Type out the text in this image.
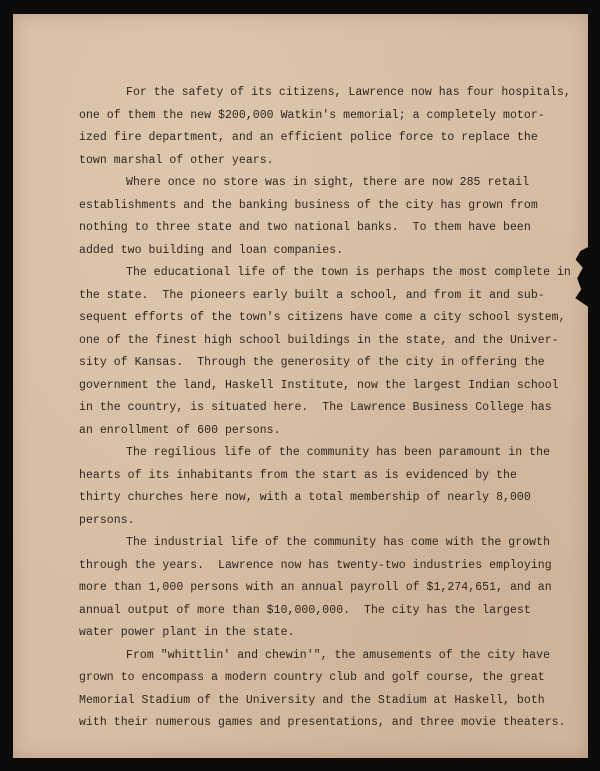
For the safety of its citizens, Lawrence now has four hospitals,
one of them the new $200,000 Watkin's memorial; a completely motor-
ized fire department, and an efficient police force to replace the
town marshal of other years.
Where once no store was in sight, there are now 285 retail
establishments and the banking business of the city has grown from
nothing to three state and two national banks.  To them have been
added two building and loan companies.
The educational life of the town is perhaps the most complete in
the state.  The pioneers early built a school, and from it and sub-
sequent efforts of the town's citizens have come a city school system,
one of the finest high school buildings in the state, and the Univer-
sity of Kansas.  Through the generosity of the city in offering the
government the land, Haskell Institute, now the largest Indian school
in the country, is situated here.  The Lawrence Business College has
an enrollment of 600 persons.
The regilious life of the community has been paramount in the
hearts of its inhabitants from the start as is evidenced by the
thirty churches here now, with a total membership of nearly 8,000
persons.
The industrial life of the community has come with the growth
through the years.  Lawrence now has twenty-two industries employing
more than 1,000 persons with an annual payroll of $1,274,651, and an
annual output of more than $10,000,000.  The city has the largest
water power plant in the state.
From "whittlin' and chewin'", the amusements of the city have
grown to encompass a modern country club and golf course, the great
Memorial Stadium of the University and the Stadium at Haskell, both
with their numerous games and presentations, and three movie theaters.
